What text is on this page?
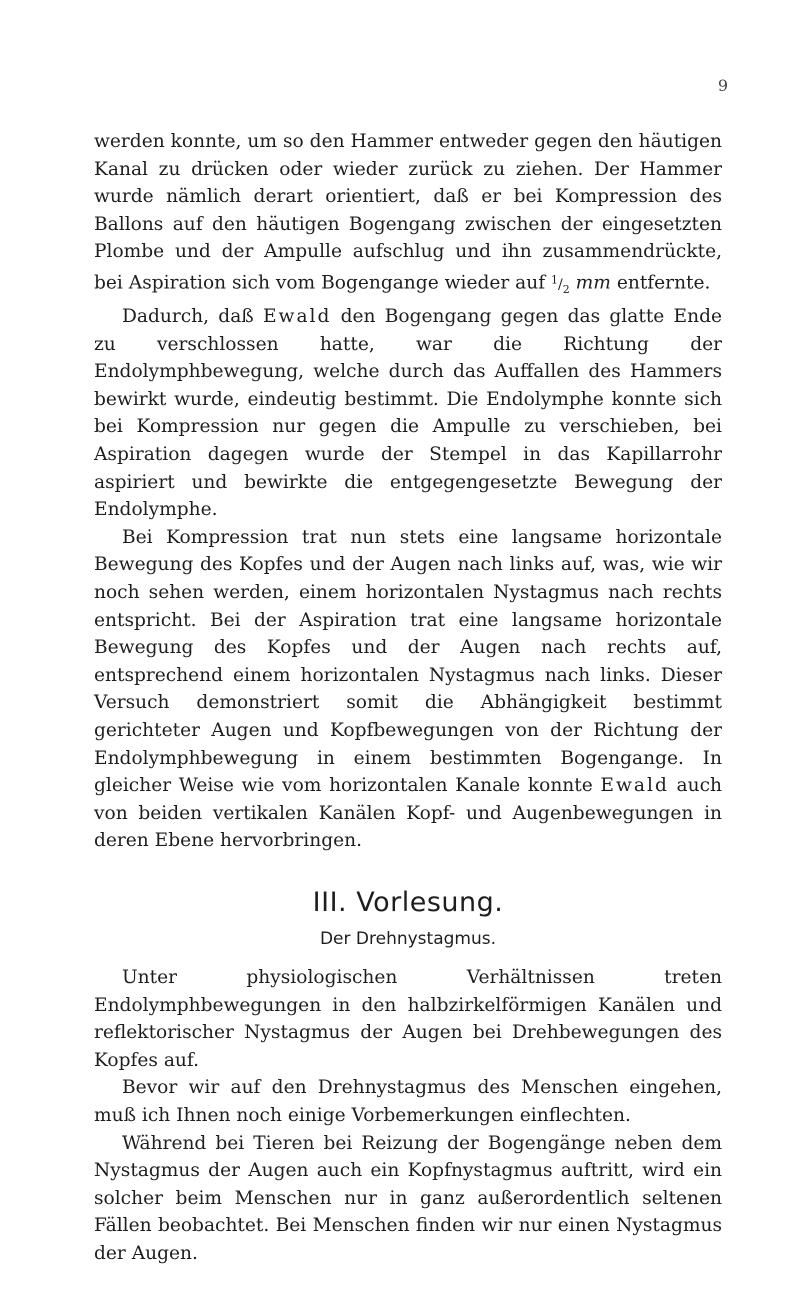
9

werden konnte, um so den Hammer entweder gegen den häutigen Kanal zu drücken oder wieder zurück zu ziehen. Der Hammer wurde nämlich derart orientiert, daß er bei Kompression des Ballons auf den häutigen Bogengang zwischen der eingesetzten Plombe und der Ampulle aufschlug und ihn zusammendrückte, bei Aspiration sich vom Bogengange wieder auf $^1/_2$ mm entfernte.

Dadurch, daß Ewald den Bogengang gegen das glatte Ende zu verschlossen hatte, war die Richtung der Endolymphbewegung, welche durch das Auffallen des Hammers bewirkt wurde, eindeutig bestimmt. Die Endolymphe konnte sich bei Kompression nur gegen die Ampulle zu verschieben, bei Aspiration dagegen wurde der Stempel in das Kapillarrohr aspiriert und bewirkte die entgegengesetzte Bewegung der Endolymphe.

Bei Kompression trat nun stets eine langsame horizontale Bewegung des Kopfes und der Augen nach links auf, was, wie wir noch sehen werden, einem horizontalen Nystagmus nach rechts entspricht. Bei der Aspiration trat eine langsame horizontale Bewegung des Kopfes und der Augen nach rechts auf, entsprechend einem horizontalen Nystagmus nach links. Dieser Versuch demonstriert somit die Abhängigkeit bestimmt gerichteter Augen und Kopfbewegungen von der Richtung der Endolymphbewegung in einem bestimmten Bogengange. In gleicher Weise wie vom horizontalen Kanale konnte Ewald auch von beiden vertikalen Kanälen Kopf- und Augenbewegungen in deren Ebene hervorbringen.

III. Vorlesung.
Der Drehnystagmus.

Unter physiologischen Verhältnissen treten Endolymphbewegungen in den halbzirkelförmigen Kanälen und reflektorischer Nystagmus der Augen bei Drehbewegungen des Kopfes auf.

Bevor wir auf den Drehnystagmus des Menschen eingehen, muß ich Ihnen noch einige Vorbemerkungen einflechten.

Während bei Tieren bei Reizung der Bogengänge neben dem Nystagmus der Augen auch ein Kopfnystagmus auftritt, wird ein solcher beim Menschen nur in ganz außerordentlich seltenen Fällen beobachtet. Bei Menschen finden wir nur einen Nystagmus der Augen.
